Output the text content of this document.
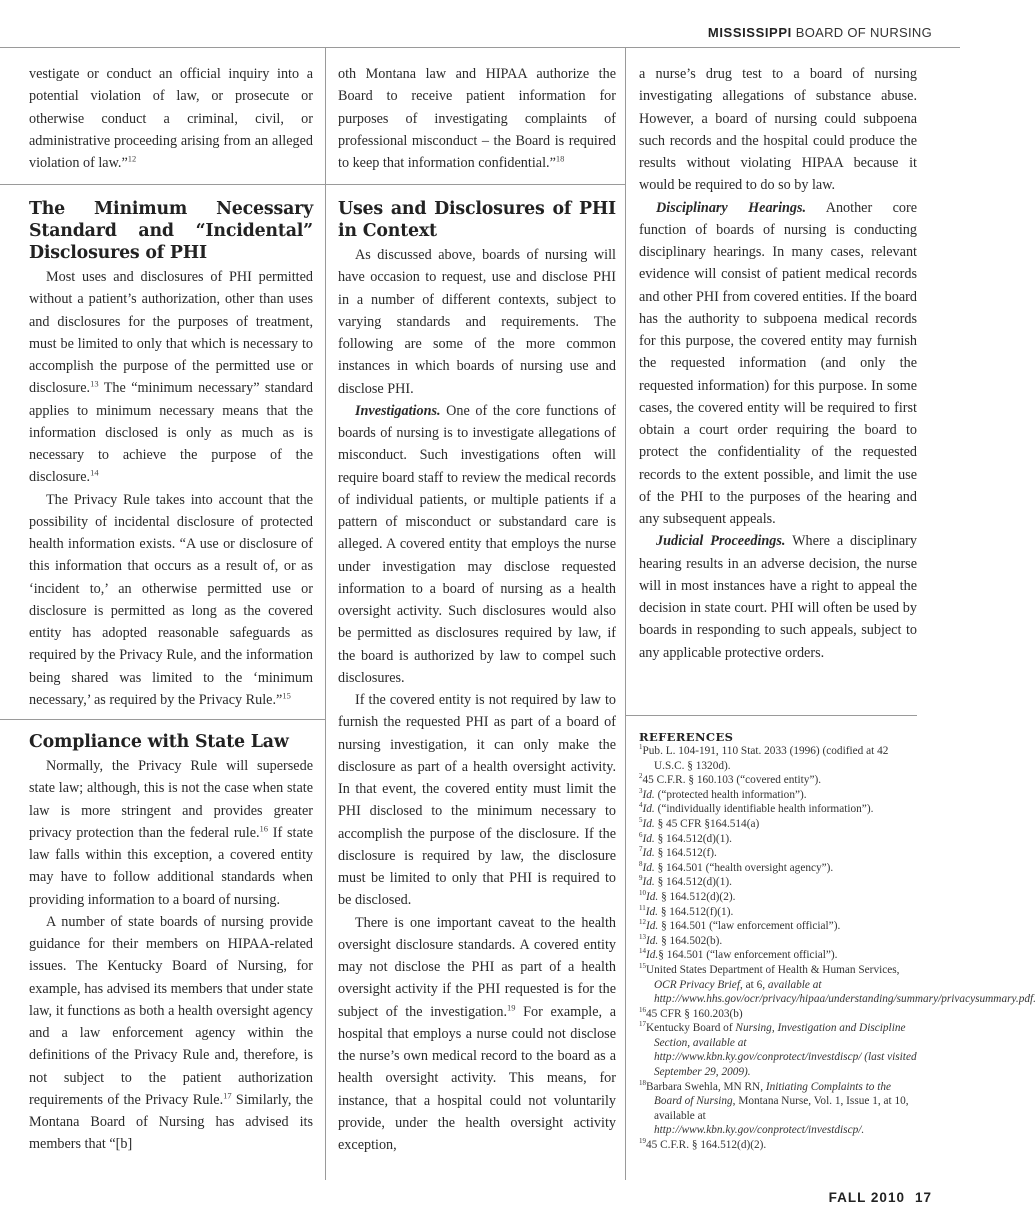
MISSISSIPPI BOARD OF NURSING

vestigate or conduct an official inquiry into a potential violation of law, or prosecute or otherwise conduct a criminal, civil, or administrative proceeding arising from an alleged violation of law.”$^{12}$

The Minimum Necessary Standard and “Incidental” Disclosures of PHI

Most uses and disclosures of PHI permitted without a patient’s authorization, other than uses and disclosures for the purposes of treatment, must be limited to only that which is necessary to accomplish the purpose of the permitted use or disclosure.$^{13}$ The “minimum necessary” standard applies to minimum necessary means that the information disclosed is only as much as is necessary to achieve the purpose of the disclosure.$^{14}$

The Privacy Rule takes into account that the possibility of incidental disclosure of protected health information exists. “A use or disclosure of this information that occurs as a result of, or as ‘incident to,’ an otherwise permitted use or disclosure is permitted as long as the covered entity has adopted reasonable safeguards as required by the Privacy Rule, and the information being shared was limited to the ‘minimum necessary,’ as required by the Privacy Rule.”$^{15}$

Compliance with State Law

Normally, the Privacy Rule will supersede state law; although, this is not the case when state law is more stringent and provides greater privacy protection than the federal rule.$^{16}$ If state law falls within this exception, a covered entity may have to follow additional standards when providing information to a board of nursing.

A number of state boards of nursing provide guidance for their members on HIPAA-related issues. The Kentucky Board of Nursing, for example, has advised its members that under state law, it functions as both a health oversight agency and a law enforcement agency within the definitions of the Privacy Rule and, therefore, is not subject to the patient authorization requirements of the Privacy Rule.$^{17}$ Similarly, the Montana Board of Nursing has advised its members that “[b]

oth Montana law and HIPAA authorize the Board to receive patient information for purposes of investigating complaints of professional misconduct – the Board is required to keep that information confidential.”$^{18}$

Uses and Disclosures of PHI in Context

As discussed above, boards of nursing will have occasion to request, use and disclose PHI in a number of different contexts, subject to varying standards and requirements. The following are some of the more common instances in which boards of nursing use and disclose PHI.

Investigations. One of the core functions of boards of nursing is to investigate allegations of misconduct. Such investigations often will require board staff to review the medical records of individual patients, or multiple patients if a pattern of misconduct or substandard care is alleged. A covered entity that employs the nurse under investigation may disclose requested information to a board of nursing as a health oversight activity. Such disclosures would also be permitted as disclosures required by law, if the board is authorized by law to compel such disclosures.

If the covered entity is not required by law to furnish the requested PHI as part of a board of nursing investigation, it can only make the disclosure as part of a health oversight activity. In that event, the covered entity must limit the PHI disclosed to the minimum necessary to accomplish the purpose of the disclosure. If the disclosure is required by law, the disclosure must be limited to only that PHI is required to be disclosed.

There is one important caveat to the health oversight disclosure standards. A covered entity may not disclose the PHI as part of a health oversight activity if the PHI requested is for the subject of the investigation.$^{19}$ For example, a hospital that employs a nurse could not disclose the nurse’s own medical record to the board as a health oversight activity. This means, for instance, that a hospital could not voluntarily provide, under the health oversight activity exception,

a nurse’s drug test to a board of nursing investigating allegations of substance abuse. However, a board of nursing could subpoena such records and the hospital could produce the results without violating HIPAA because it would be required to do so by law.

Disciplinary Hearings. Another core function of boards of nursing is conducting disciplinary hearings. In many cases, relevant evidence will consist of patient medical records and other PHI from covered entities. If the board has the authority to subpoena medical records for this purpose, the covered entity may furnish the requested information (and only the requested information) for this purpose. In some cases, the covered entity will be required to first obtain a court order requiring the board to protect the confidentiality of the requested records to the extent possible, and limit the use of the PHI to the purposes of the hearing and any subsequent appeals.

Judicial Proceedings. Where a disciplinary hearing results in an adverse decision, the nurse will in most instances have a right to appeal the decision in state court. PHI will often be used by boards in responding to such appeals, subject to any applicable protective orders.

REFERENCES
$^1$Pub. L. 104-191, 110 Stat. 2033 (1996) (codified at 42 U.S.C. § 1320d).
$^2$45 C.F.R. § 160.103 (“covered entity”).
$^3$Id. (“protected health information”).
$^4$Id. (“individually identifiable health information”).
$^5$Id. § 45 CFR §164.514(a)
$^6$Id. § 164.512(d)(1).
$^7$Id. § 164.512(f).
$^8$Id. § 164.501 (“health oversight agency”).
$^9$Id. § 164.512(d)(1).
$^{10}$Id. § 164.512(d)(2).
$^{11}$Id. § 164.512(f)(1).
$^{12}$Id. § 164.501 (“law enforcement official”).
$^{13}$Id. § 164.502(b).
$^{14}$Id.§ 164.501 (“law enforcement official”).
$^{15}$United States Department of Health & Human Services, OCR Privacy Brief, at 6, available at http://www.hhs.gov/ocr/privacy/hipaa/understanding/summary/privacysummary.pdf.
$^{16}$45 CFR § 160.203(b)
$^{17}$Kentucky Board of Nursing, Investigation and Discipline Section, available at http://www.kbn.ky.gov/conprotect/investdiscp/ (last visited September 29, 2009).
$^{18}$Barbara Swehla, MN RN, Initiating Complaints to the Board of Nursing, Montana Nurse, Vol. 1, Issue 1, at 10, available at http://www.kbn.ky.gov/conprotect/investdiscp/.
$^{19}$45 C.F.R. § 164.512(d)(2).
FALL 2010 17
